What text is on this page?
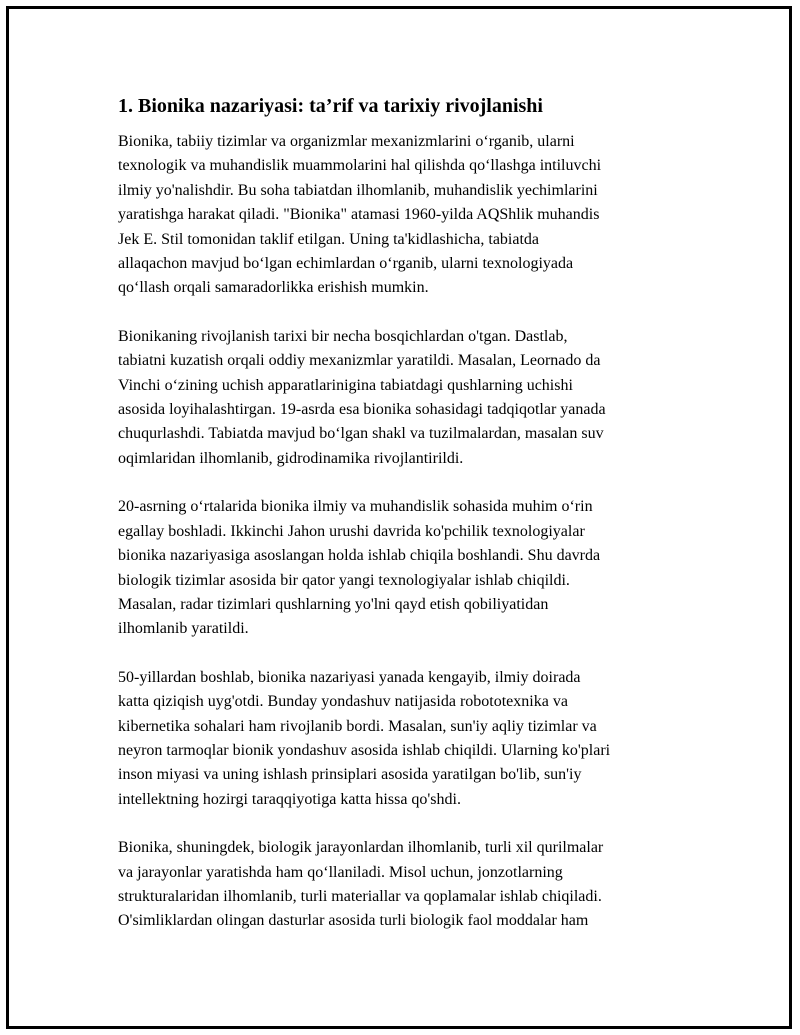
1. Bionika nazariyasi: ta’rif va tarixiy rivojlanishi

Bionika, tabiiy tizimlar va organizmlar mexanizmlarini o‘rganib, ularni
texnologik va muhandislik muammolarini hal qilishda qo‘llashga intiluvchi
ilmiy yo'nalishdir. Bu soha tabiatdan ilhomlanib, muhandislik yechimlarini
yaratishga harakat qiladi. "Bionika" atamasi 1960-yilda AQShlik muhandis
Jek E. Stil tomonidan taklif etilgan. Uning ta'kidlashicha, tabiatda
allaqachon mavjud bo‘lgan echimlardan o‘rganib, ularni texnologiyada
qo‘llash orqali samaradorlikka erishish mumkin.

Bionikaning rivojlanish tarixi bir necha bosqichlardan o'tgan. Dastlab,
tabiatni kuzatish orqali oddiy mexanizmlar yaratildi. Masalan, Leornado da
Vinchi o‘zining uchish apparatlarinigina tabiatdagi qushlarning uchishi
asosida loyihalashtirgan. 19-asrda esa bionika sohasidagi tadqiqotlar yanada
chuqurlashdi. Tabiatda mavjud bo‘lgan shakl va tuzilmalardan, masalan suv
oqimlaridan ilhomlanib, gidrodinamika rivojlantirildi.

20-asrning o‘rtalarida bionika ilmiy va muhandislik sohasida muhim o‘rin
egallay boshladi. Ikkinchi Jahon urushi davrida ko'pchilik texnologiyalar
bionika nazariyasiga asoslangan holda ishlab chiqila boshlandi. Shu davrda
biologik tizimlar asosida bir qator yangi texnologiyalar ishlab chiqildi.
Masalan, radar tizimlari qushlarning yo'lni qayd etish qobiliyatidan
ilhomlanib yaratildi.

50-yillardan boshlab, bionika nazariyasi yanada kengayib, ilmiy doirada
katta qiziqish uyg'otdi. Bunday yondashuv natijasida robototexnika va
kibernetika sohalari ham rivojlanib bordi. Masalan, sun'iy aqliy tizimlar va
neyron tarmoqlar bionik yondashuv asosida ishlab chiqildi. Ularning ko'plari
inson miyasi va uning ishlash prinsiplari asosida yaratilgan bo'lib, sun'iy
intellektning hozirgi taraqqiyotiga katta hissa qo'shdi.

Bionika, shuningdek, biologik jarayonlardan ilhomlanib, turli xil qurilmalar
va jarayonlar yaratishda ham qo‘llaniladi. Misol uchun, jonzotlarning
strukturalaridan ilhomlanib, turli materiallar va qoplamalar ishlab chiqiladi.
O'simliklardan olingan dasturlar asosida turli biologik faol moddalar ham
